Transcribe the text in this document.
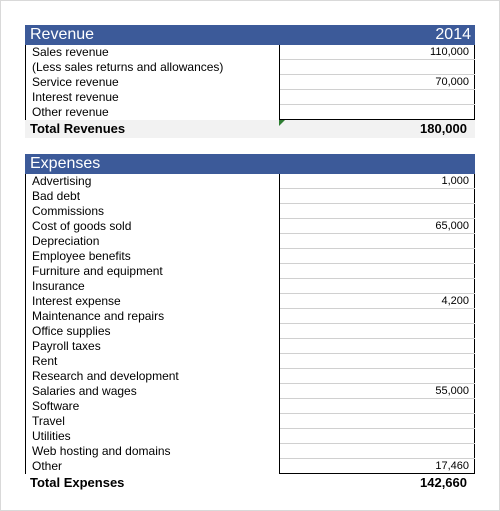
Revenue	2014
Sales revenue	110,000
(Less sales returns and allowances)
Service revenue	70,000
Interest revenue
Other revenue
Total Revenues	180,000
Expenses
Advertising	1,000
Bad debt
Commissions
Cost of goods sold	65,000
Depreciation
Employee benefits
Furniture and equipment
Insurance
Interest expense	4,200
Maintenance and repairs
Office supplies
Payroll taxes
Rent
Research and development
Salaries and wages	55,000
Software
Travel
Utilities
Web hosting and domains
Other	17,460
Total Expenses	142,660
